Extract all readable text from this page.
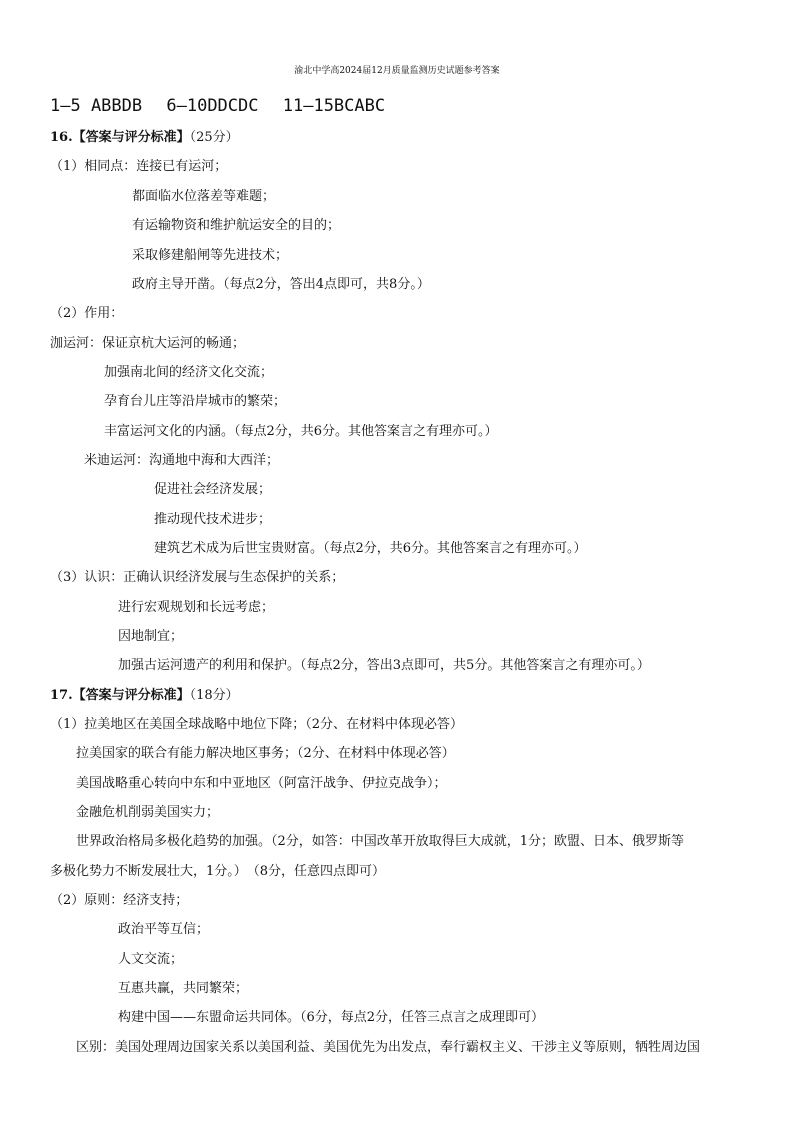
渝北中学高2024届12月质量监测历史试题参考答案
1—5 ABBDB 6—10DDCDC 11—15BCABC
16.【答案与评分标准】（25分）
（1）相同点：连接已有运河；
都面临水位落差等难题；
有运输物资和维护航运安全的目的；
采取修建船闸等先进技术；
政府主导开凿。（每点2分，答出4点即可，共8分。）
（2）作用：
泇运河：保证京杭大运河的畅通；
加强南北间的经济文化交流；
孕育台儿庄等沿岸城市的繁荣；
丰富运河文化的内涵。（每点2分，共6分。其他答案言之有理亦可。）
米迪运河：沟通地中海和大西洋；
促进社会经济发展；
推动现代技术进步；
建筑艺术成为后世宝贵财富。（每点2分，共6分。其他答案言之有理亦可。）
（3）认识：正确认识经济发展与生态保护的关系；
进行宏观规划和长远考虑；
因地制宜；
加强古运河遗产的利用和保护。（每点2分，答出3点即可，共5分。其他答案言之有理亦可。）
17.【答案与评分标准】（18分）
（1）拉美地区在美国全球战略中地位下降；（2分、在材料中体现必答）
拉美国家的联合有能力解决地区事务；（2分、在材料中体现必答）
美国战略重心转向中东和中亚地区（阿富汗战争、伊拉克战争）；
金融危机削弱美国实力；
世界政治格局多极化趋势的加强。（2分，如答：中国改革开放取得巨大成就，1分；欧盟、日本、俄罗斯等
多极化势力不断发展壮大，1分。）　（8分，任意四点即可）
（2）原则：经济支持；
政治平等互信；
人文交流；
互惠共赢，共同繁荣；
构建中国——东盟命运共同体。（6分，每点2分，任答三点言之成理即可）
区别：美国处理周边国家关系以美国利益、美国优先为出发点，奉行霸权主义、干涉主义等原则，牺牲周边国
